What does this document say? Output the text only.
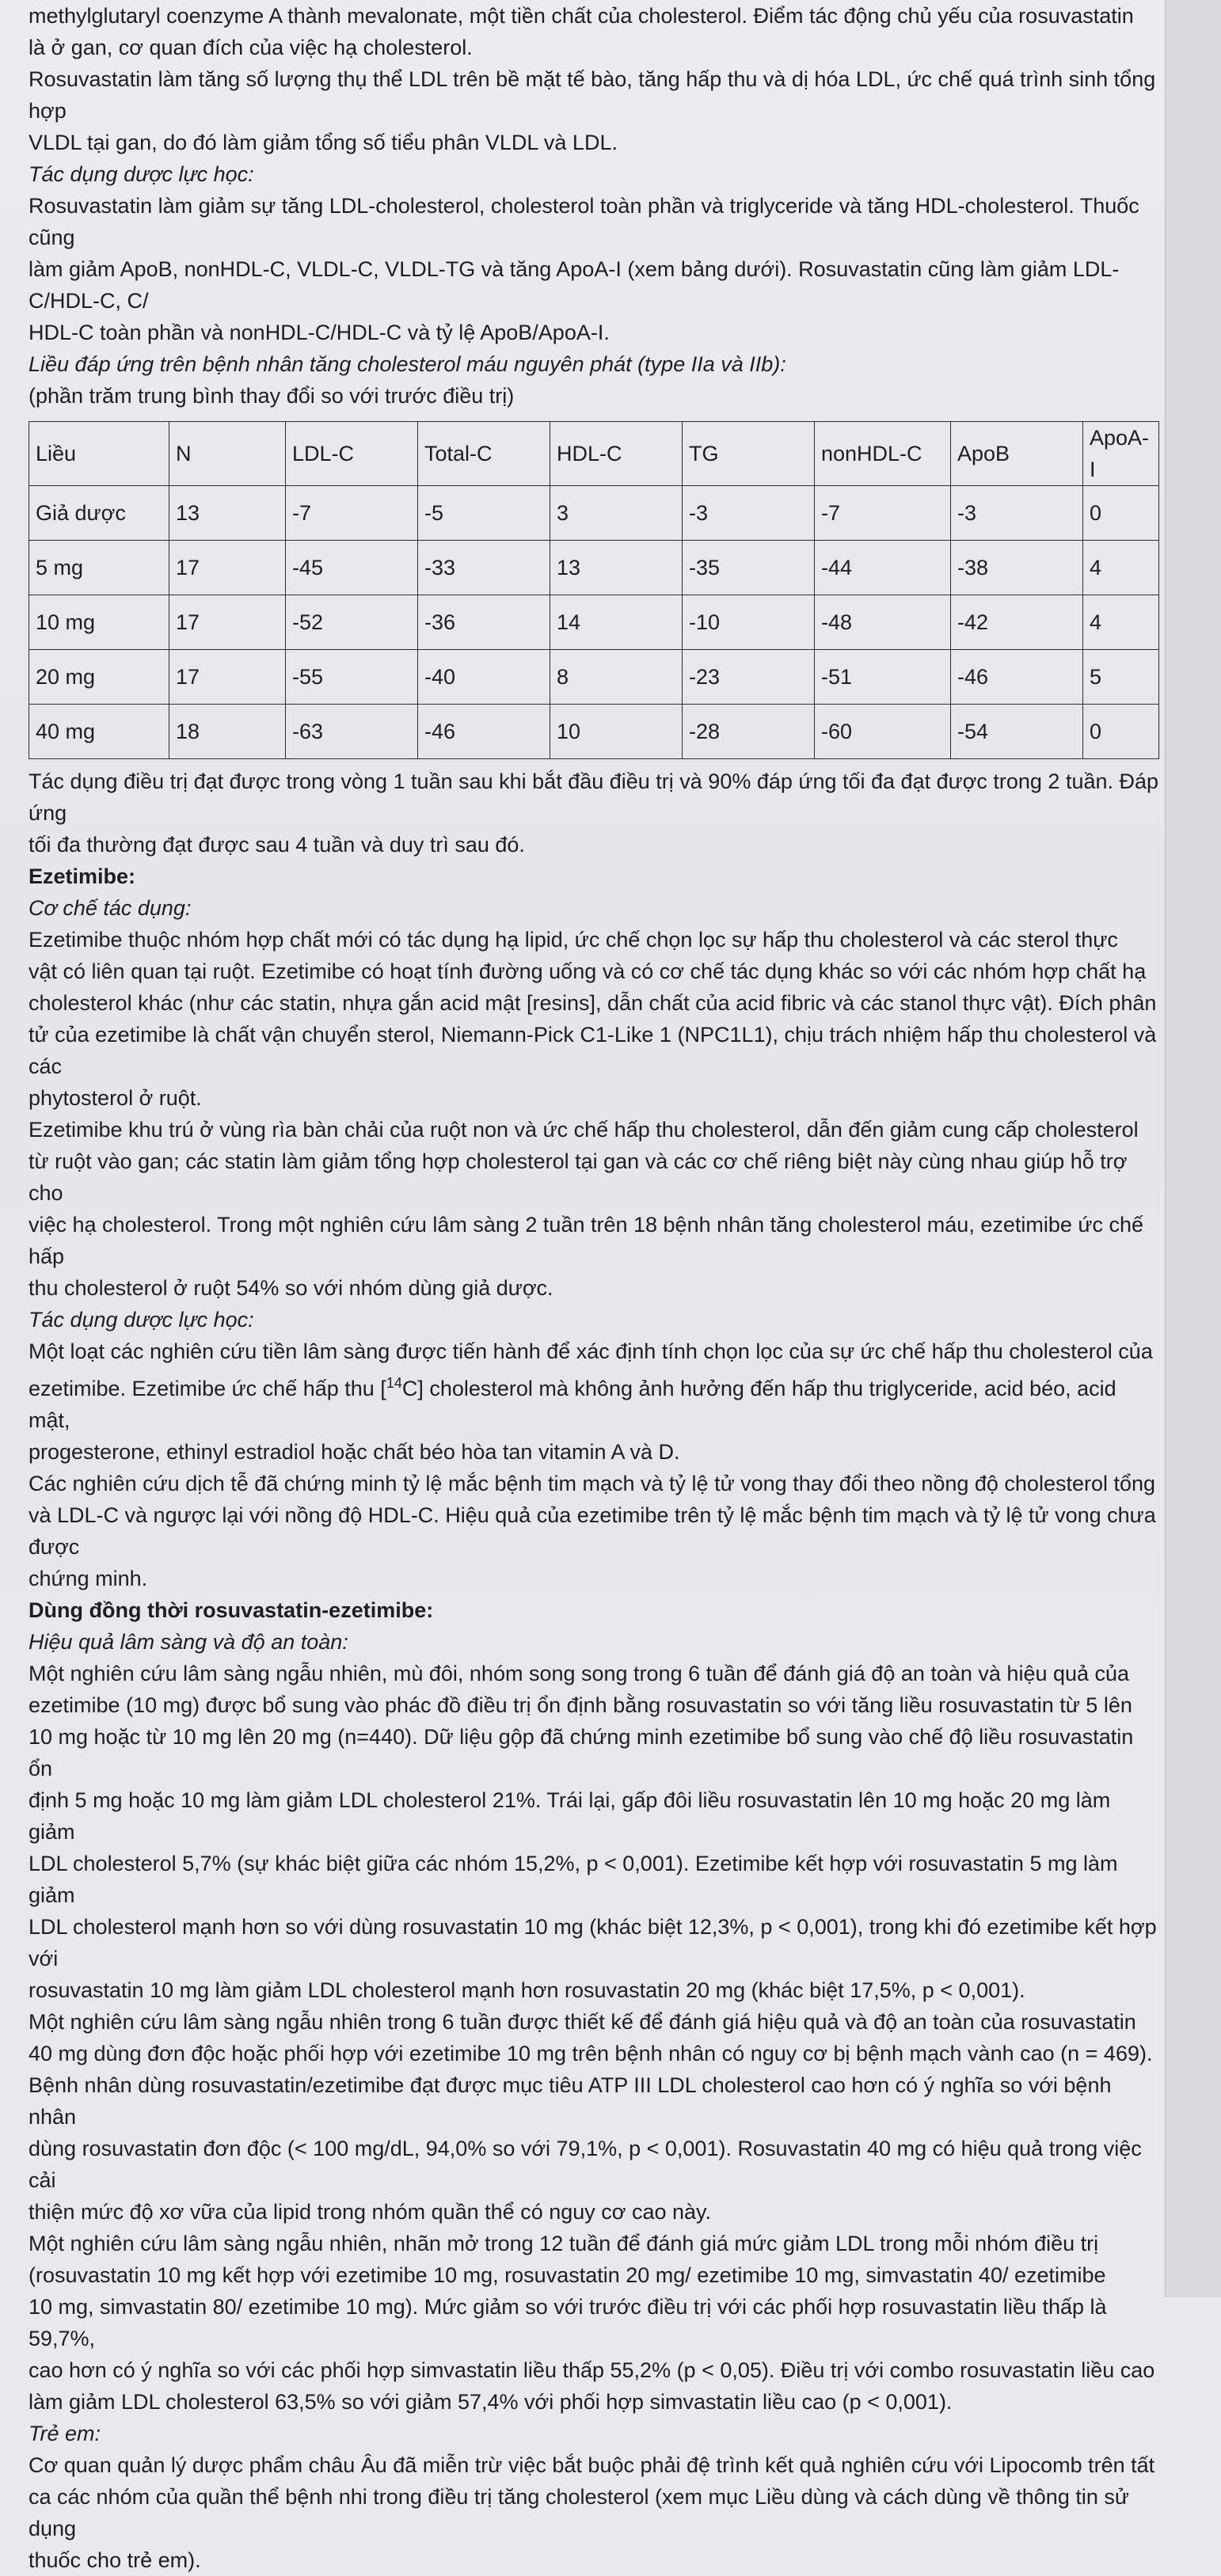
methylglutaryl coenzyme A thành mevalonate, một tiền chất của cholesterol. Điểm tác động chủ yếu của rosuvastatin

là ở gan, cơ quan đích của việc hạ cholesterol.

Rosuvastatin làm tăng số lượng thụ thể LDL trên bề mặt tế bào, tăng hấp thu và dị hóa LDL, ức chế quá trình sinh tổng hợp

VLDL tại gan, do đó làm giảm tổng số tiểu phân VLDL và LDL.

Tác dụng dược lực học:

Rosuvastatin làm giảm sự tăng LDL-cholesterol, cholesterol toàn phần và triglyceride và tăng HDL-cholesterol. Thuốc cũng

làm giảm ApoB, nonHDL-C, VLDL-C, VLDL-TG và tăng ApoA-I (xem bảng dưới). Rosuvastatin cũng làm giảm LDL-C/HDL-C, C/

HDL-C toàn phần và nonHDL-C/HDL-C và tỷ lệ ApoB/ApoA-I.

Liều đáp ứng trên bệnh nhân tăng cholesterol máu nguyên phát (type IIa và IIb):

(phần trăm trung bình thay đổi so với trước điều trị)

Liều	N	LDL-C	Total-C	HDL-C	TG	nonHDL-C	ApoB	ApoA-I
Giả dược	13	-7	-5	3	-3	-7	-3	0
5 mg	17	-45	-33	13	-35	-44	-38	4
10 mg	17	-52	-36	14	-10	-48	-42	4
20 mg	17	-55	-40	8	-23	-51	-46	5
40 mg	18	-63	-46	10	-28	-60	-54	0

Tác dụng điều trị đạt được trong vòng 1 tuần sau khi bắt đầu điều trị và 90% đáp ứng tối đa đạt được trong 2 tuần. Đáp ứng

tối đa thường đạt được sau 4 tuần và duy trì sau đó.

Ezetimibe:

Cơ chế tác dụng:

Ezetimibe thuộc nhóm hợp chất mới có tác dụng hạ lipid, ức chế chọn lọc sự hấp thu cholesterol và các sterol thực

vật có liên quan tại ruột. Ezetimibe có hoạt tính đường uống và có cơ chế tác dụng khác so với các nhóm hợp chất hạ

cholesterol khác (như các statin, nhựa gắn acid mật [resins], dẫn chất của acid fibric và các stanol thực vật). Đích phân

tử của ezetimibe là chất vận chuyển sterol, Niemann-Pick C1-Like 1 (NPC1L1), chịu trách nhiệm hấp thu cholesterol và các

phytosterol ở ruột.

Ezetimibe khu trú ở vùng rìa bàn chải của ruột non và ức chế hấp thu cholesterol, dẫn đến giảm cung cấp cholesterol

từ ruột vào gan; các statin làm giảm tổng hợp cholesterol tại gan và các cơ chế riêng biệt này cùng nhau giúp hỗ trợ cho

việc hạ cholesterol. Trong một nghiên cứu lâm sàng 2 tuần trên 18 bệnh nhân tăng cholesterol máu, ezetimibe ức chế hấp

thu cholesterol ở ruột 54% so với nhóm dùng giả dược.

Tác dụng dược lực học:

Một loạt các nghiên cứu tiền lâm sàng được tiến hành để xác định tính chọn lọc của sự ức chế hấp thu cholesterol của

ezetimibe. Ezetimibe ức chế hấp thu [$^{14}$C] cholesterol mà không ảnh hưởng đến hấp thu triglyceride, acid béo, acid mật,

progesterone, ethinyl estradiol hoặc chất béo hòa tan vitamin A và D.

Các nghiên cứu dịch tễ đã chứng minh tỷ lệ mắc bệnh tim mạch và tỷ lệ tử vong thay đổi theo nồng độ cholesterol tổng

và LDL-C và ngược lại với nồng độ HDL-C. Hiệu quả của ezetimibe trên tỷ lệ mắc bệnh tim mạch và tỷ lệ tử vong chưa được

chứng minh.

Dùng đồng thời rosuvastatin-ezetimibe:

Hiệu quả lâm sàng và độ an toàn:

Một nghiên cứu lâm sàng ngẫu nhiên, mù đôi, nhóm song song trong 6 tuần để đánh giá độ an toàn và hiệu quả của

ezetimibe (10 mg) được bổ sung vào phác đồ điều trị ổn định bằng rosuvastatin so với tăng liều rosuvastatin từ 5 lên

10 mg hoặc từ 10 mg lên 20 mg (n=440). Dữ liệu gộp đã chứng minh ezetimibe bổ sung vào chế độ liều rosuvastatin ổn

định 5 mg hoặc 10 mg làm giảm LDL cholesterol 21%. Trái lại, gấp đôi liều rosuvastatin lên 10 mg hoặc 20 mg làm giảm

LDL cholesterol 5,7% (sự khác biệt giữa các nhóm 15,2%, p < 0,001). Ezetimibe kết hợp với rosuvastatin 5 mg làm giảm

LDL cholesterol mạnh hơn so với dùng rosuvastatin 10 mg (khác biệt 12,3%, p < 0,001), trong khi đó ezetimibe kết hợp với

rosuvastatin 10 mg làm giảm LDL cholesterol mạnh hơn rosuvastatin 20 mg (khác biệt 17,5%, p < 0,001).

Một nghiên cứu lâm sàng ngẫu nhiên trong 6 tuần được thiết kế để đánh giá hiệu quả và độ an toàn của rosuvastatin

40 mg dùng đơn độc hoặc phối hợp với ezetimibe 10 mg trên bệnh nhân có nguy cơ bị bệnh mạch vành cao (n = 469).

Bệnh nhân dùng rosuvastatin/ezetimibe đạt được mục tiêu ATP III LDL cholesterol cao hơn có ý nghĩa so với bệnh nhân

dùng rosuvastatin đơn độc (< 100 mg/dL, 94,0% so với 79,1%, p < 0,001). Rosuvastatin 40 mg có hiệu quả trong việc cải

thiện mức độ xơ vữa của lipid trong nhóm quần thể có nguy cơ cao này.

Một nghiên cứu lâm sàng ngẫu nhiên, nhãn mở trong 12 tuần để đánh giá mức giảm LDL trong mỗi nhóm điều trị

(rosuvastatin 10 mg kết hợp với ezetimibe 10 mg, rosuvastatin 20 mg/ ezetimibe 10 mg, simvastatin 40/ ezetimibe

10 mg, simvastatin 80/ ezetimibe 10 mg). Mức giảm so với trước điều trị với các phối hợp rosuvastatin liều thấp là 59,7%,

cao hơn có ý nghĩa so với các phối hợp simvastatin liều thấp 55,2% (p < 0,05). Điều trị với combo rosuvastatin liều cao

làm giảm LDL cholesterol 63,5% so với giảm 57,4% với phối hợp simvastatin liều cao (p < 0,001).

Trẻ em:

Cơ quan quản lý dược phẩm châu Âu đã miễn trừ việc bắt buộc phải đệ trình kết quả nghiên cứu với Lipocomb trên tất

ca các nhóm của quần thể bệnh nhi trong điều trị tăng cholesterol (xem mục Liều dùng và cách dùng về thông tin sử dụng

thuốc cho trẻ em).
